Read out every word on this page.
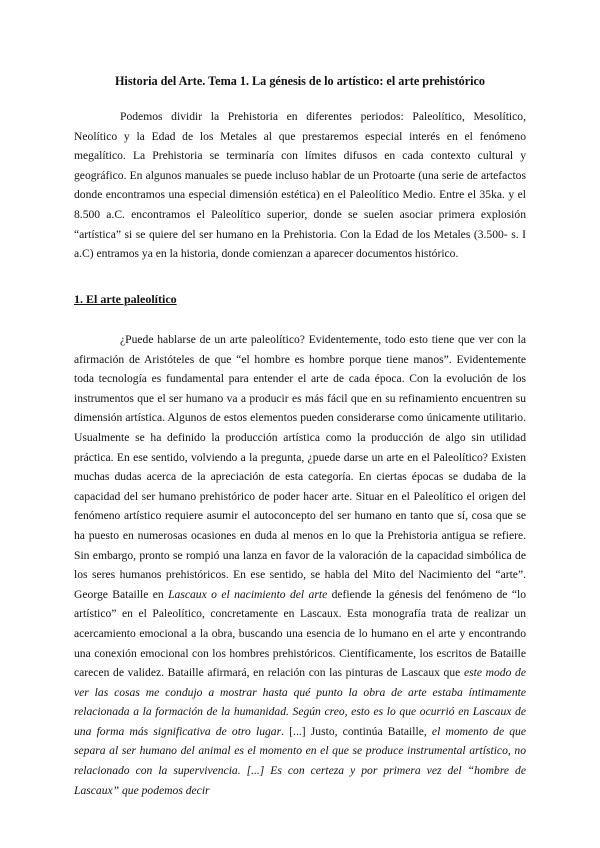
Historia del Arte. Tema 1. La génesis de lo artístico: el arte prehistórico

Podemos dividir la Prehistoria en diferentes periodos: Paleolítico, Mesolítico, Neolítico y la Edad de los Metales al que prestaremos especial interés en el fenómeno megalítico. La Prehistoria se terminaría con límites difusos en cada contexto cultural y geográfico. En algunos manuales se puede incluso hablar de un Protoarte (una serie de artefactos donde encontramos una especial dimensión estética) en el Paleolítico Medio. Entre el 35ka. y el 8.500 a.C. encontramos el Paleolítico superior, donde se suelen asociar primera explosión “artística” si se quiere del ser humano en la Prehistoria. Con la Edad de los Metales (3.500- s. I a.C) entramos ya en la historia, donde comienzan a aparecer documentos histórico.

1. El arte paleolítico

¿Puede hablarse de un arte paleolítico? Evidentemente, todo esto tiene que ver con la afirmación de Aristóteles de que “el hombre es hombre porque tiene manos”. Evidentemente toda tecnología es fundamental para entender el arte de cada época. Con la evolución de los instrumentos que el ser humano va a producir es más fácil que en su refinamiento encuentren su dimensión artística. Algunos de estos elementos pueden considerarse como únicamente utilitario. Usualmente se ha definido la producción artística como la producción de algo sin utilidad práctica. En ese sentido, volviendo a la pregunta, ¿puede darse un arte en el Paleolítico? Existen muchas dudas acerca de la apreciación de esta categoría. En ciertas épocas se dudaba de la capacidad del ser humano prehistórico de poder hacer arte. Situar en el Paleolítico el origen del fenómeno artístico requiere asumir el autoconcepto del ser humano en tanto que sí, cosa que se ha puesto en numerosas ocasiones en duda al menos en lo que la Prehistoria antigua se refiere. Sin embargo, pronto se rompió una lanza en favor de la valoración de la capacidad simbólica de los seres humanos prehistóricos. En ese sentido, se habla del Mito del Nacimiento del “arte”. George Bataille en Lascaux o el nacimiento del arte defiende la génesis del fenómeno de “lo artístico” en el Paleolítico, concretamente en Lascaux. Esta monografía trata de realizar un acercamiento emocional a la obra, buscando una esencia de lo humano en el arte y encontrando una conexión emocional con los hombres prehistóricos. Científicamente, los escritos de Bataille carecen de validez. Bataille afirmará, en relación con las pinturas de Lascaux que este modo de ver las cosas me condujo a mostrar hasta qué punto la obra de arte estaba íntimamente relacionada a la formación de la humanidad. Según creo, esto es lo que ocurrió en Lascaux de una forma más significativa de otro lugar. [...] Justo, continúa Bataille, el momento de que separa al ser humano del animal es el momento en el que se produce instrumental artístico, no relacionado con la supervivencia. [...] Es con certeza y por primera vez del “hombre de Lascaux” que podemos decir
